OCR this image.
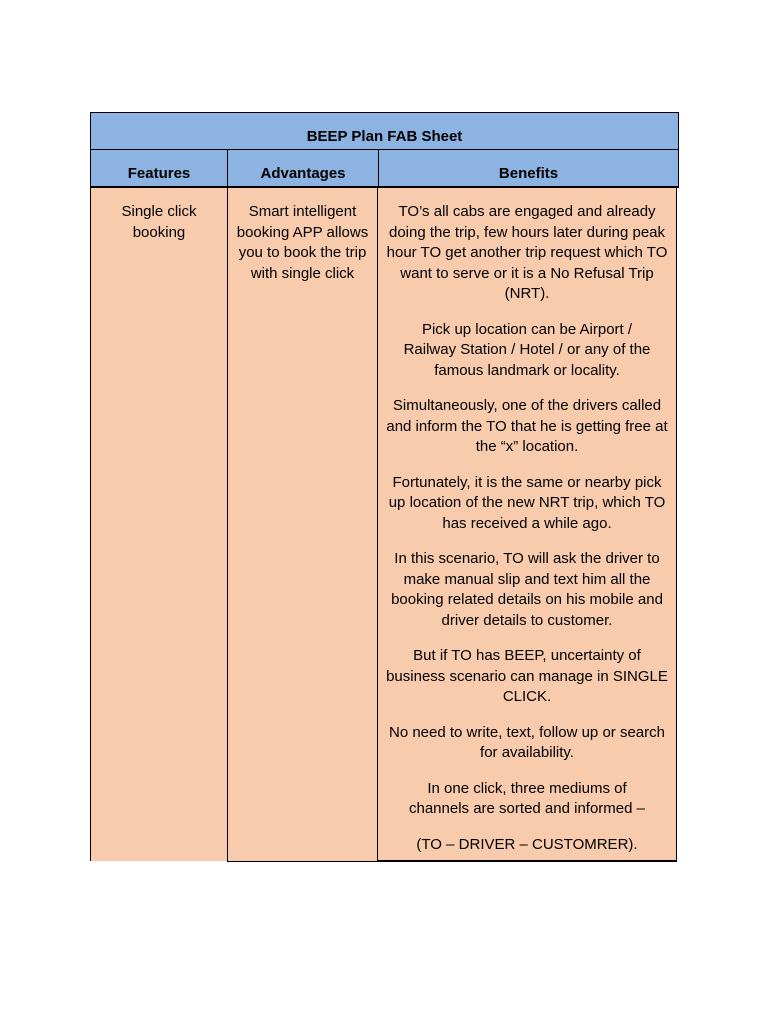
BEEP Plan FAB Sheet
Features	Advantages	Benefits
Single click booking
Smart intelligent booking APP allows you to book the trip with single click

TO’s all cabs are engaged and already doing the trip, few hours later during peak hour TO get another trip request which TO want to serve or it is a No Refusal Trip (NRT).

Pick up location can be Airport / Railway Station / Hotel / or any of the famous landmark or locality.

Simultaneously, one of the drivers called and inform the TO that he is getting free at the “x” location.

Fortunately, it is the same or nearby pick up location of the new NRT trip, which TO has received a while ago.

In this scenario, TO will ask the driver to make manual slip and text him all the booking related details on his mobile and driver details to customer.

But if TO has BEEP, uncertainty of business scenario can manage in SINGLE CLICK.

No need to write, text, follow up or search for availability.

In one click, three mediums of channels are sorted and informed –

(TO – DRIVER – CUSTOMRER).
